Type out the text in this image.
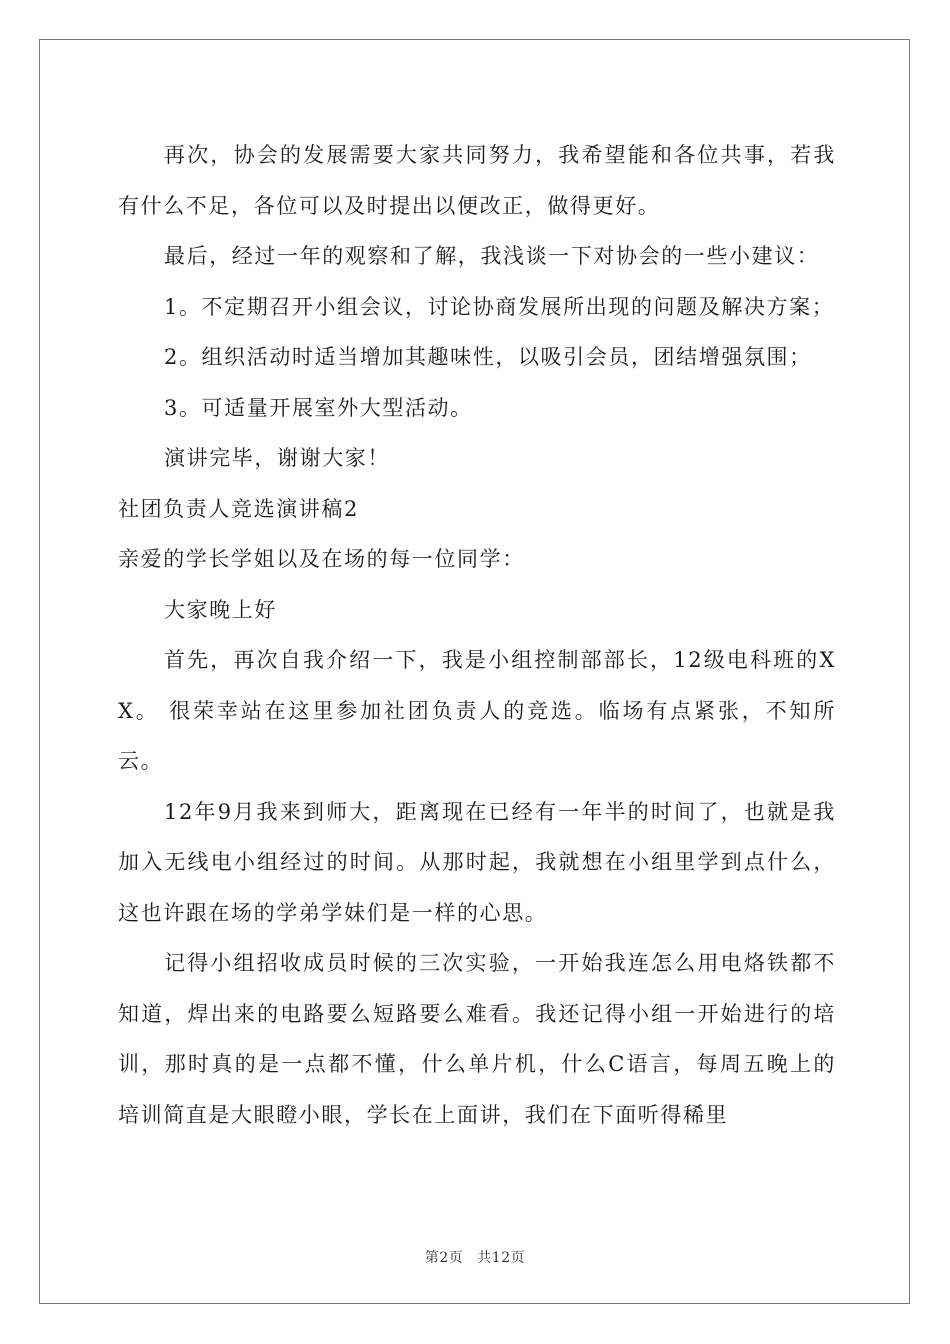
再次，协会的发展需要大家共同努力，我希望能和各位共事，若我有什么不足，各位可以及时提出以便改正，做得更好。

最后，经过一年的观察和了解，我浅谈一下对协会的一些小建议：

1。不定期召开小组会议，讨论协商发展所出现的问题及解决方案；

2。组织活动时适当增加其趣味性，以吸引会员，团结增强氛围；

3。可适量开展室外大型活动。

演讲完毕，谢谢大家！

社团负责人竞选演讲稿2

亲爱的学长学姐以及在场的每一位同学：

大家晚上好

首先，再次自我介绍一下，我是小组控制部部长，12级电科班的XX。 很荣幸站在这里参加社团负责人的竞选。临场有点紧张，不知所云。

12年9月我来到师大，距离现在已经有一年半的时间了，也就是我加入无线电小组经过的时间。从那时起，我就想在小组里学到点什么，这也许跟在场的学弟学妹们是一样的心思。

记得小组招收成员时候的三次实验，一开始我连怎么用电烙铁都不知道，焊出来的电路要么短路要么难看。我还记得小组一开始进行的培训，那时真的是一点都不懂，什么单片机，什么C语言，每周五晚上的培训简直是大眼瞪小眼，学长在上面讲，我们在下面听得稀里

第2页 共12页
